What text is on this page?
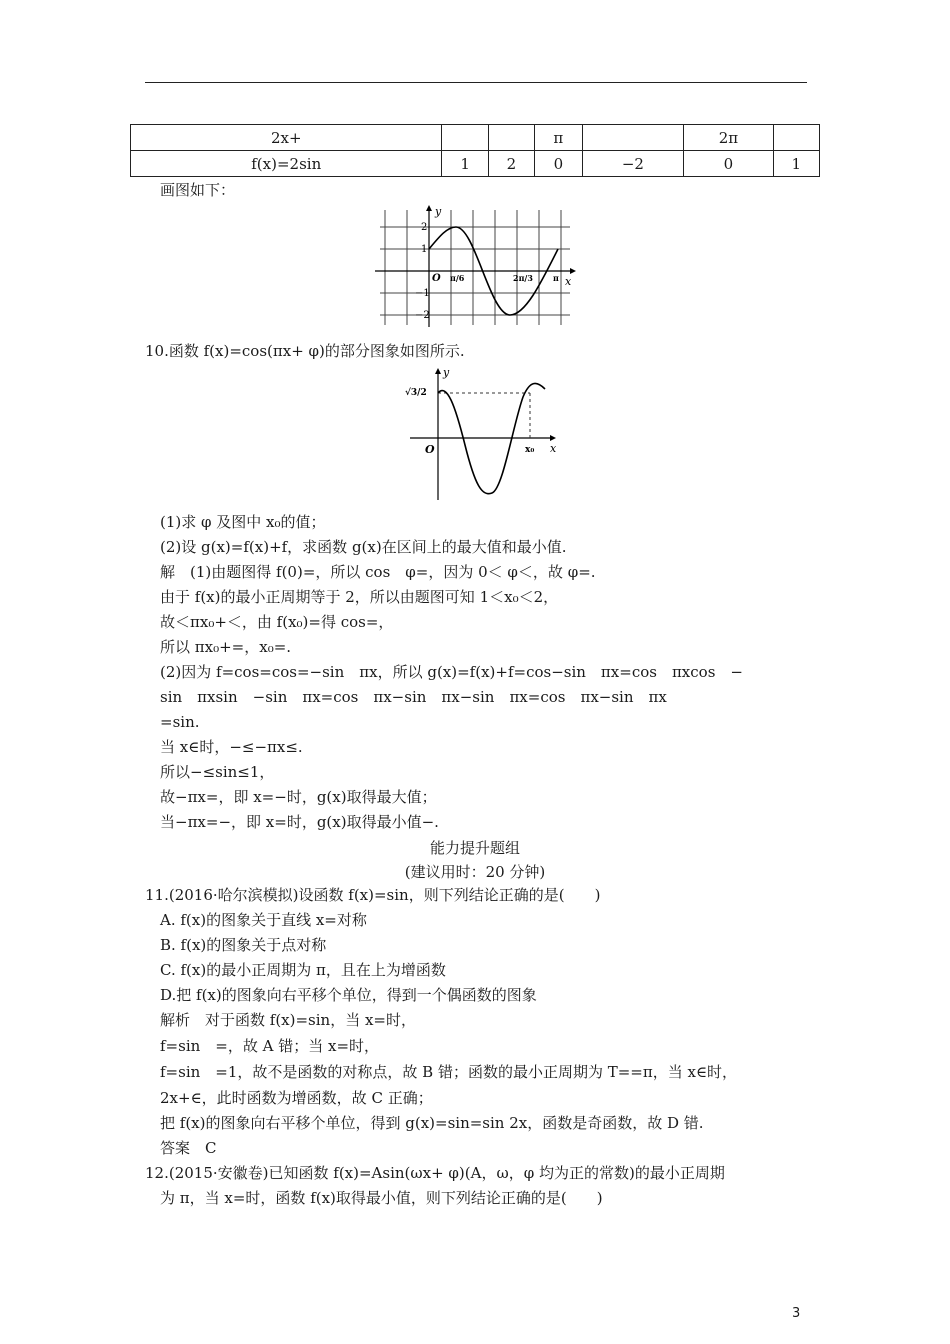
2x+			π		2π	
f(x)=2sin	1	2	0	−2	0	1
画图如下：
y
x
O
2
1
−1
−2
π/6	2π/3	π
10.函数 f(x)=cos(πx+ φ)的部分图象如图所示.
y
x
O
√3/2
x₀
(1)求 φ 及图中 x₀的值；
(2)设 g(x)=f(x)+f，求函数 g(x)在区间上的最大值和最小值.
解　(1)由题图得 f(0)=，所以 cos　φ=，因为 0＜ φ＜，故 φ=.
由于 f(x)的最小正周期等于 2，所以由题图可知 1＜x₀＜2，
故＜πx₀+＜，由 f(x₀)=得 cos=，
所以 πx₀+=，x₀=.
(2)因为 f=cos=cos=−sin　πx，所以 g(x)=f(x)+f=cos−sin　πx=cos　πxcos　−
sin　πxsin　−sin　πx=cos　πx−sin　πx−sin　πx=cos　πx−sin　πx
=sin.
当 x∈时，−≤−πx≤.
所以−≤sin≤1，
故−πx=，即 x=−时，g(x)取得最大值；
当−πx=−，即 x=时，g(x)取得最小值−.
能力提升题组
(建议用时：20 分钟)
11.(2016·哈尔滨模拟)设函数 f(x)=sin，则下列结论正确的是(　　)
A. f(x)的图象关于直线 x=对称
B. f(x)的图象关于点对称
C. f(x)的最小正周期为 π，且在上为增函数
D.把 f(x)的图象向右平移个单位，得到一个偶函数的图象
解析　对于函数 f(x)=sin，当 x=时，
f=sin　=，故 A 错；当 x=时，
f=sin　=1，故不是函数的对称点，故 B 错；函数的最小正周期为 T==π，当 x∈时，
2x+∈，此时函数为增函数，故 C 正确；
把 f(x)的图象向右平移个单位，得到 g(x)=sin=sin 2x，函数是奇函数，故 D 错.
答案　C
12.(2015·安徽卷)已知函数 f(x)=Asin(ωx+ φ)(A，ω，φ 均为正的常数)的最小正周期
为 π，当 x=时，函数 f(x)取得最小值，则下列结论正确的是(　　)
3
